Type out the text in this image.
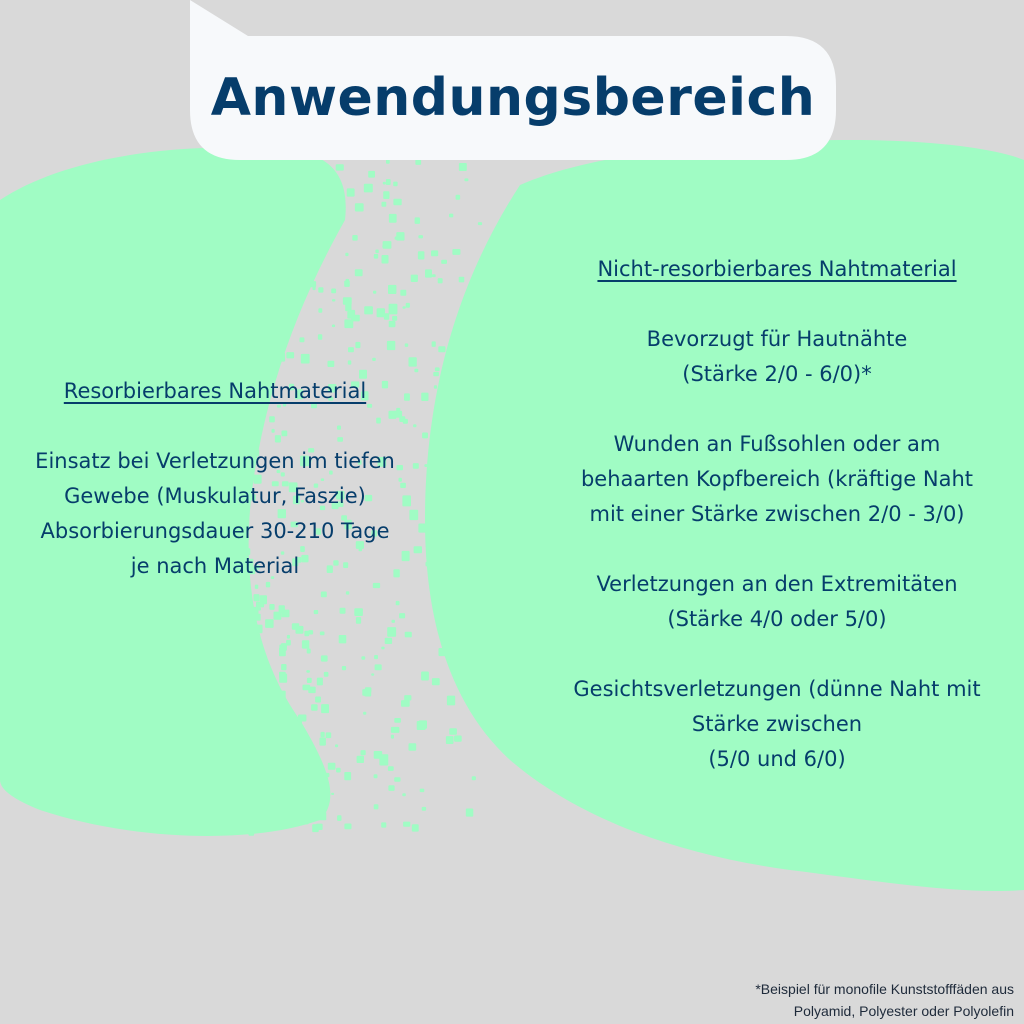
Anwendungsbereich
Resorbierbares Nahtmaterial
Einsatz bei Verletzungen im tiefen
Gewebe (Muskulatur, Faszie)
Absorbierungsdauer 30-210 Tage
je nach Material
Nicht-resorbierbares Nahtmaterial
Bevorzugt für Hautnähte
(Stärke 2/0 - 6/0)*
Wunden an Fußsohlen oder am
behaarten Kopfbereich (kräftige Naht
mit einer Stärke zwischen 2/0 - 3/0)
Verletzungen an den Extremitäten
(Stärke 4/0 oder 5/0)
Gesichtsverletzungen (dünne Naht mit
Stärke zwischen
(5/0 und 6/0)
*Beispiel für monofile Kunststofffäden aus
Polyamid, Polyester oder Polyolefin
